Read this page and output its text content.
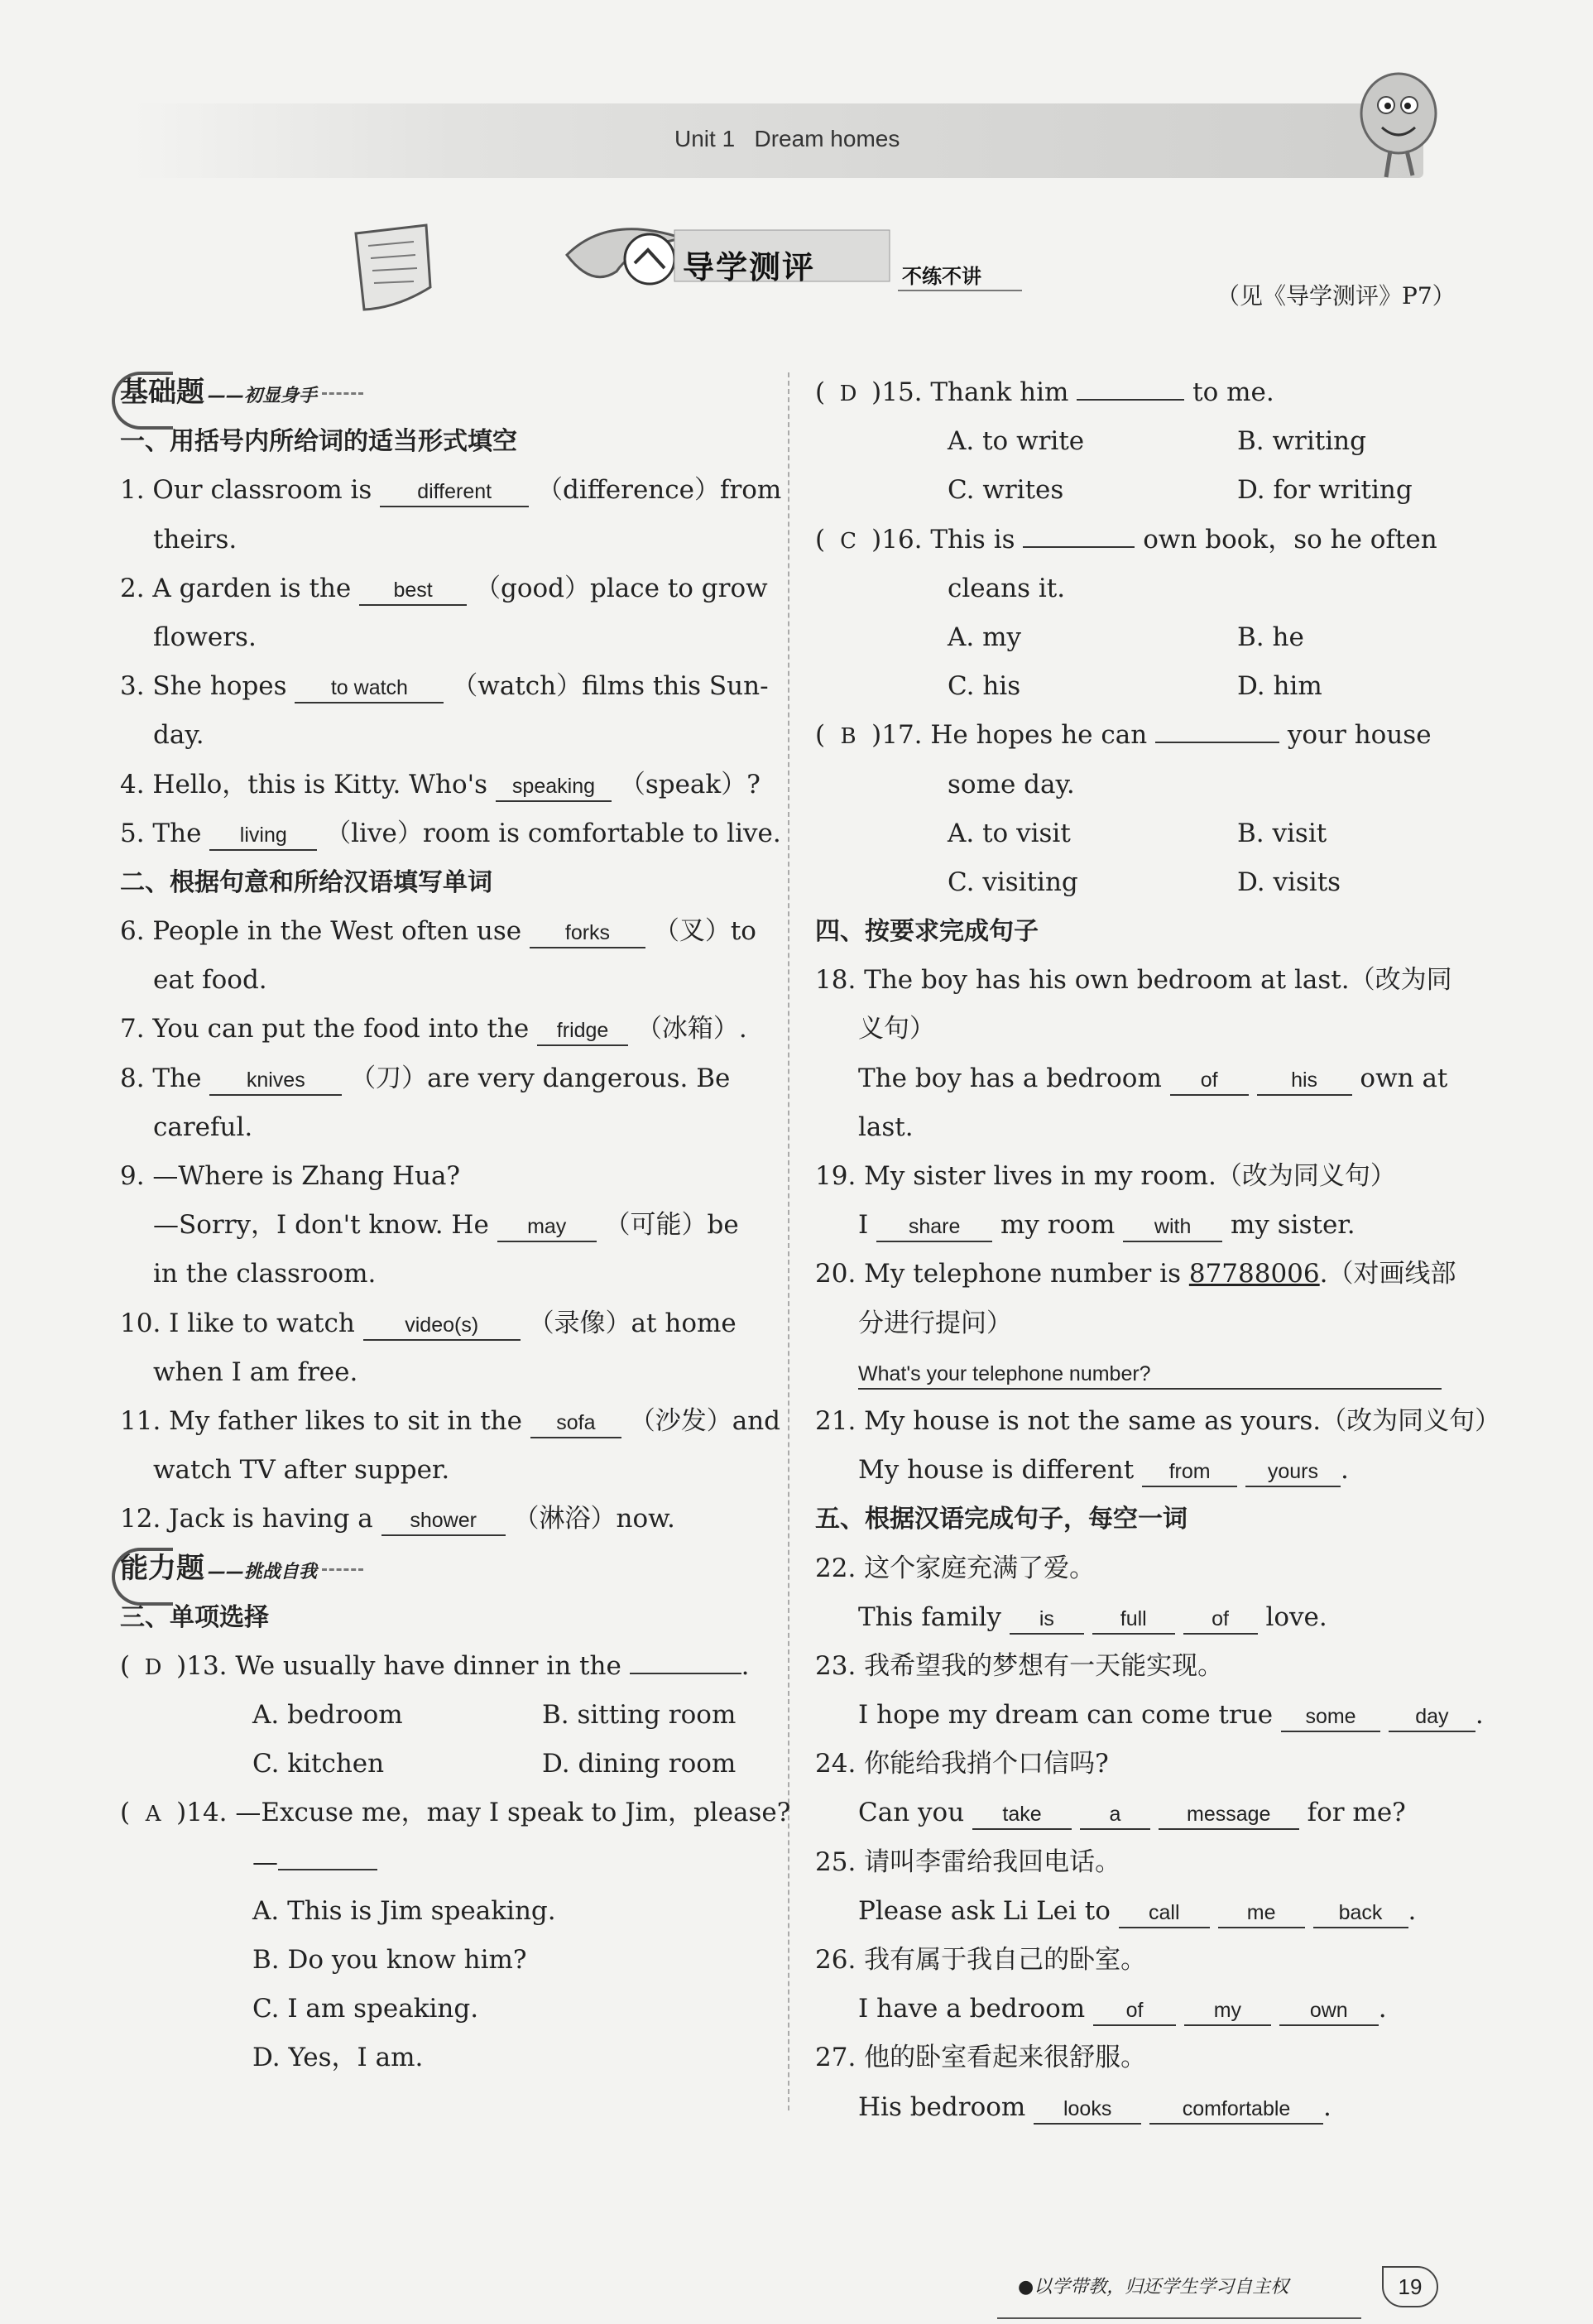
Unit 1 Dream homes
导学测评	不练不讲
（见《导学测评》P7）
基础题 ——初显身手
一、用括号内所给词的适当形式填空
1. Our classroom is different （difference）from
theirs.
2. A garden is the best （good）place to grow
flowers.
3. She hopes to watch （watch）films this Sun-
day.
4. Hello，this is Kitty. Who's speaking （speak）?
5. The living （live）room is comfortable to live.
二、根据句意和所给汉语填写单词
6. People in the West often use forks （叉）to
eat food.
7. You can put the food into the fridge （冰箱）.
8. The knives （刀）are very dangerous. Be
careful.
9. —Where is Zhang Hua?
—Sorry，I don't know. He may （可能）be
in the classroom.
10. I like to watch video(s) （录像）at home
when I am free.
11. My father likes to sit in the sofa （沙发）and
watch TV after supper.
12. Jack is having a shower （淋浴）now.
能力题 ——挑战自我
三、单项选择
( D )13. We usually have dinner in the	.
A. bedroom	B. sitting room
C. kitchen	D. dining room
( A )14. —Excuse me，may I speak to Jim，please?
—
A. This is Jim speaking.
B. Do you know him?
C. I am speaking.
D. Yes，I am.
( D )15. Thank him	to me.
A. to write	B. writing
C. writes	D. for writing
( C )16. This is	own book，so he often
cleans it.
A. my	B. he
C. his	D. him
( B )17. He hopes he can	your house
some day.
A. to visit	B. visit
C. visiting	D. visits
四、按要求完成句子
18. The boy has his own bedroom at last.（改为同
义句）
The boy has a bedroom of	his own at
last.
19. My sister lives in my room.（改为同义句）
I share my room with my sister.
20. My telephone number is 87788006.（对画线部
分进行提问）
What's your telephone number?
21. My house is not the same as yours.（改为同义句）
My house is different from	yours .
五、根据汉语完成句子，每空一词
22. 这个家庭充满了爱。
This family is	full	of love.
23. 我希望我的梦想有一天能实现。
I hope my dream can come true some	day .
24. 你能给我捎个口信吗?
Can you take	a	message for me?
25. 请叫李雷给我回电话。
Please ask Li Lei to call	me	back .
26. 我有属于我自己的卧室。
I have a bedroom of	my	own .
27. 他的卧室看起来很舒服。
His bedroom looks	comfortable .
●以学带教，归还学生学习自主权	19
